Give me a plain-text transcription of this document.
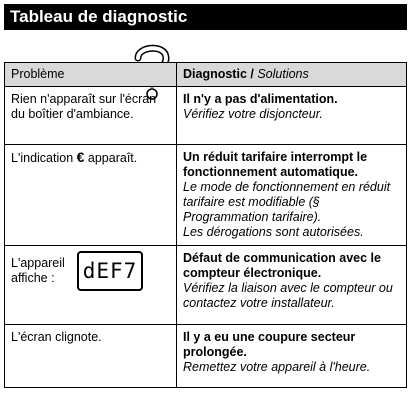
Tableau de diagnostic
Problème	Diagnostic / Solutions
Rien n'apparaît sur l'écran du boîtier d'ambiance.	Il n'y a pas d'alimentation.
Vérifiez votre disjoncteur.

L'indication € apparaît.	Un réduit tarifaire interrompt le fonctionnement automatique.
Le mode de fonctionnement en réduit tarifaire est modifiable (§ Programmation tarifaire).
Les dérogations sont autorisées.

L'appareil affiche : dEF7	Défaut de communication avec le compteur électronique.
Vérifiez la liaison avec le compteur ou contactez votre installateur.

L'écran clignote.	Il y a eu une coupure secteur prolongée.
Remettez votre appareil à l'heure.
